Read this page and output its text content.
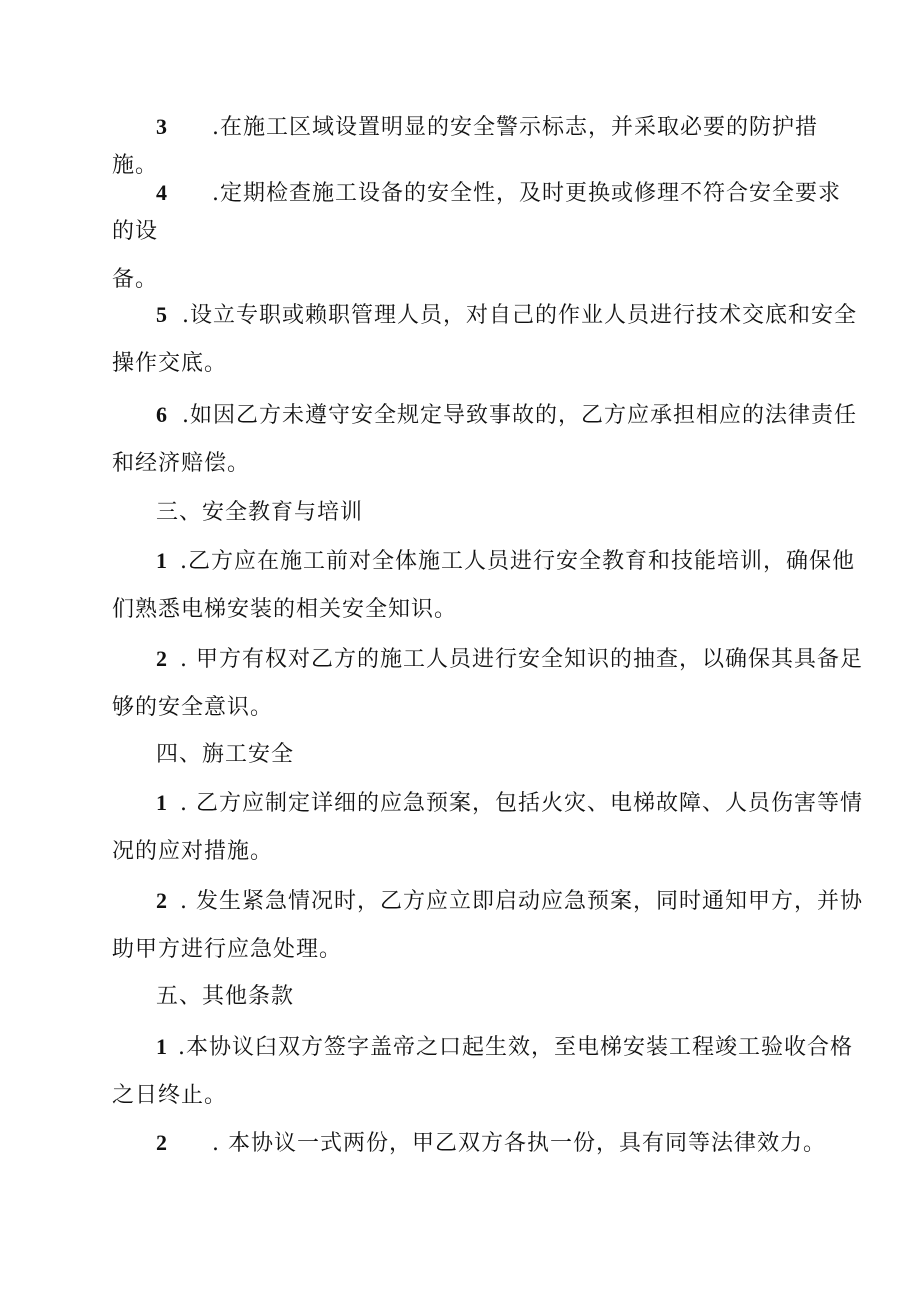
3 .在施工区域设置明显的安全警示标志，并采取必要的防护措
施。
4 .定期检查施工设备的安全性，及时更换或修理不符合安全要求
的设
备。
5 .设立专职或赖职管理人员，对自己的作业人员进行技术交底和安全
操作交底。
6 .如因乙方未遵守安全规定导致事故的，乙方应承担相应的法律责任
和经济赔偿。
三、安全教育与培训
1 .乙方应在施工前对全体施工人员进行安全教育和技能培训，确保他
们熟悉电梯安装的相关安全知识。
2 . 甲方有权对乙方的施工人员进行安全知识的抽查，以确保其具备足
够的安全意识。
四、旃工安全
1 . 乙方应制定详细的应急预案，包括火灾、电梯故障、人员伤害等情
况的应对措施。
2 . 发生紧急情况时，乙方应立即启动应急预案，同时通知甲方，并协
助甲方进行应急处理。
五、其他条款
1 .本协议臼双方签字盖帝之口起生效，至电梯安装工程竣工验收合格
之日终止。
2 . 本协议一式两份，甲乙双方各执一份，具有同等法律效力。
